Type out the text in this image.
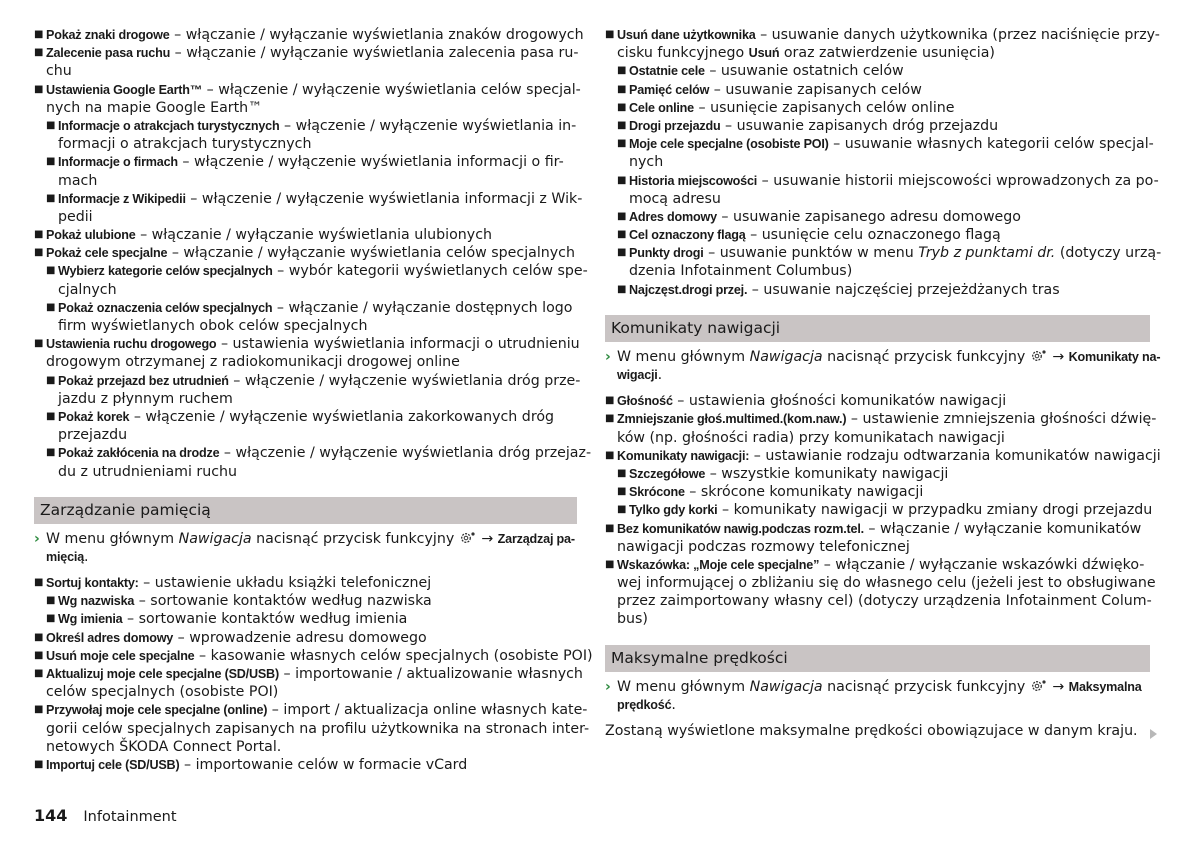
■ Pokaż znaki drogowe – włączanie / wyłączanie wyświetlania znaków drogowych
■ Zalecenie pasa ruchu – włączanie / wyłączanie wyświetlania zalecenia pasa ru-
chu
■ Ustawienia Google Earth™ – włączenie / wyłączenie wyświetlania celów specjal-
nych na mapie Google Earth™
■ Informacje o atrakcjach turystycznych – włączenie / wyłączenie wyświetlania in-
formacji o atrakcjach turystycznych
■ Informacje o firmach – włączenie / wyłączenie wyświetlania informacji o fir-
mach
■ Informacje z Wikipedii – włączenie / wyłączenie wyświetlania informacji z Wik-
pedii
■ Pokaż ulubione – włączanie / wyłączanie wyświetlania ulubionych
■ Pokaż cele specjalne – włączanie / wyłączanie wyświetlania celów specjalnych
■ Wybierz kategorie celów specjalnych – wybór kategorii wyświetlanych celów spe-
cjalnych
■ Pokaż oznaczenia celów specjalnych – włączanie / wyłączanie dostępnych logo
firm wyświetlanych obok celów specjalnych
■ Ustawienia ruchu drogowego – ustawienia wyświetlania informacji o utrudnieniu
drogowym otrzymanej z radiokomunikacji drogowej online
■ Pokaż przejazd bez utrudnień – włączenie / wyłączenie wyświetlania dróg prze-
jazdu z płynnym ruchem
■ Pokaż korek – włączenie / wyłączenie wyświetlania zakorkowanych dróg
przejazdu
■ Pokaż zakłócenia na drodze – włączenie / wyłączenie wyświetlania dróg przejaz-
du z utrudnieniami ruchu
Zarządzanie pamięcią
› W menu głównym Nawigacja nacisnąć przycisk funkcyjny  → Zarządzaj pa-
mięcią.
■ Sortuj kontakty: – ustawienie układu książki telefonicznej
■ Wg nazwiska – sortowanie kontaktów według nazwiska
■ Wg imienia – sortowanie kontaktów według imienia
■ Określ adres domowy – wprowadzenie adresu domowego
■ Usuń moje cele specjalne – kasowanie własnych celów specjalnych (osobiste POI)
■ Aktualizuj moje cele specjalne (SD/USB) – importowanie / aktualizowanie własnych
celów specjalnych (osobiste POI)
■ Przywołaj moje cele specjalne (online) – import / aktualizacja online własnych kate-
gorii celów specjalnych zapisanych na profilu użytkownika na stronach inter-
netowych ŠKODA Connect Portal.
■ Importuj cele (SD/USB) – importowanie celów w formacie vCard
■ Usuń dane użytkownika – usuwanie danych użytkownika (przez naciśnięcie przy-
cisku funkcyjnego Usuń oraz zatwierdzenie usunięcia)
■ Ostatnie cele – usuwanie ostatnich celów
■ Pamięć celów – usuwanie zapisanych celów
■ Cele online – usunięcie zapisanych celów online
■ Drogi przejazdu – usuwanie zapisanych dróg przejazdu
■ Moje cele specjalne (osobiste POI) – usuwanie własnych kategorii celów specjal-
nych
■ Historia miejscowości – usuwanie historii miejscowości wprowadzonych za po-
mocą adresu
■ Adres domowy – usuwanie zapisanego adresu domowego
■ Cel oznaczony flagą – usunięcie celu oznaczonego flagą
■ Punkty drogi – usuwanie punktów w menu Tryb z punktami dr. (dotyczy urzą-
dzenia Infotainment Columbus)
■ Najczęst.drogi przej. – usuwanie najczęściej przejeżdżanych tras
Komunikaty nawigacji
› W menu głównym Nawigacja nacisnąć przycisk funkcyjny  → Komunikaty na-
wigacji.
■ Głośność – ustawienia głośności komunikatów nawigacji
■ Zmniejszanie głoś.multimed.(kom.naw.) – ustawienie zmniejszenia głośności dźwię-
ków (np. głośności radia) przy komunikatach nawigacji
■ Komunikaty nawigacji: – ustawianie rodzaju odtwarzania komunikatów nawigacji
■ Szczegółowe – wszystkie komunikaty nawigacji
■ Skrócone – skrócone komunikaty nawigacji
■ Tylko gdy korki – komunikaty nawigacji w przypadku zmiany drogi przejazdu
■ Bez komunikatów nawig.podczas rozm.tel. – włączanie / wyłączanie komunikatów
nawigacji podczas rozmowy telefonicznej
■ Wskazówka: „Moje cele specjalne” – włączanie / wyłączanie wskazówki dźwięko-
wej informującej o zbliżaniu się do własnego celu (jeżeli jest to obsługiwane
przez zaimportowany własny cel) (dotyczy urządzenia Infotainment Colum-
bus)
Maksymalne prędkości
› W menu głównym Nawigacja nacisnąć przycisk funkcyjny  → Maksymalna
prędkość.
Zostaną wyświetlone maksymalne prędkości obowiązujace w danym kraju.
144 Infotainment
